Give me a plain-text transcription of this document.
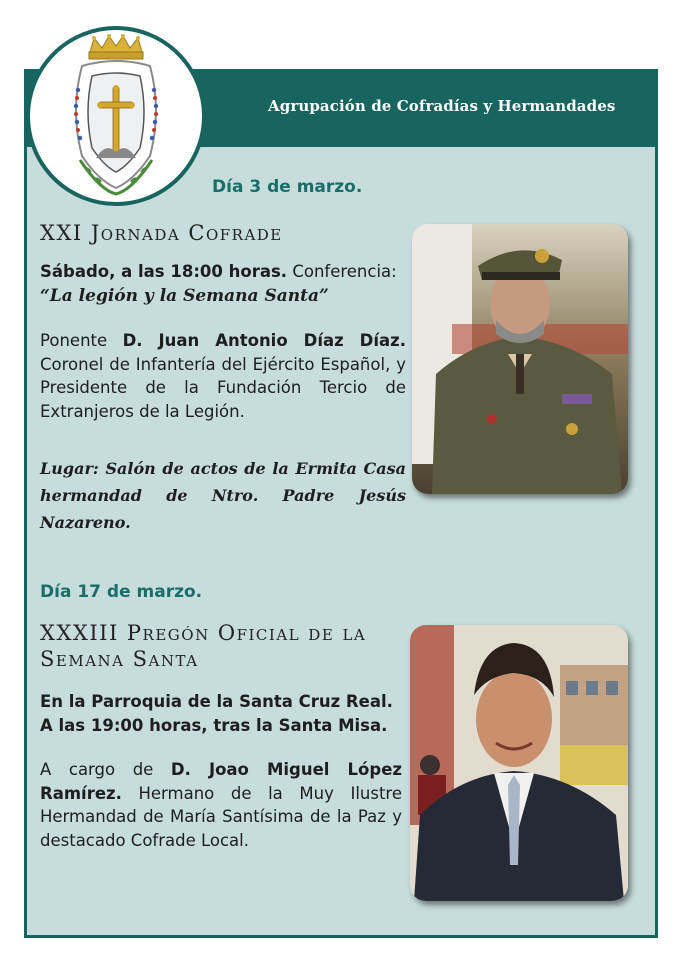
Agrupación de Cofradías y Hermandades
Día 3 de marzo.
XXI Jornada Cofrade
Sábado, a las 18:00 horas. Conferencia:
“La legión y la Semana Santa”
Ponente D. Juan Antonio Díaz Díaz. Coronel de Infantería del Ejército Español, y Presidente de la Fundación Tercio de Extranjeros de la Legión.
Lugar: Salón de actos de la Ermita Casa hermandad de Ntro. Padre Jesús Nazareno.
Día 17 de marzo.
XXXIII Pregón Oficial de la
Semana Santa
En la Parroquia de la Santa Cruz Real.
A las 19:00 horas, tras la Santa Misa.
A cargo de D. Joao Miguel López Ramírez. Hermano de la Muy Ilustre Hermandad de María Santísima de la Paz y destacado Cofrade Local.
